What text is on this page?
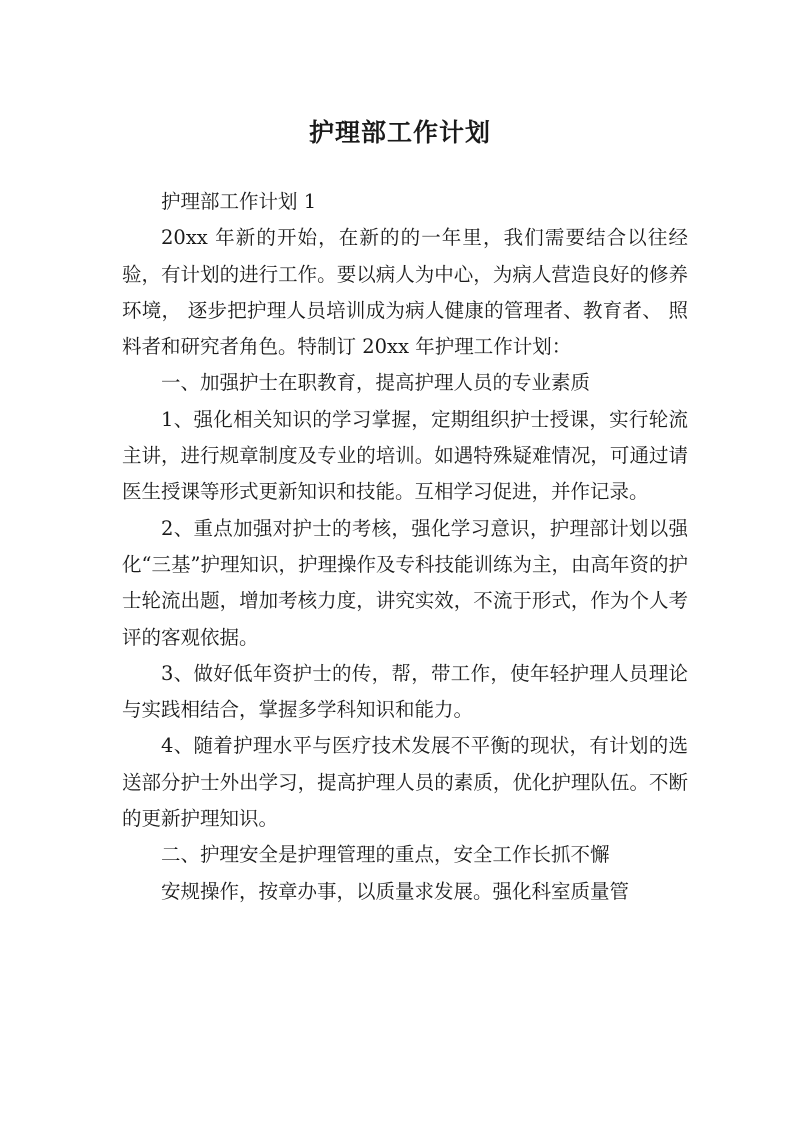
护理部工作计划

护理部工作计划 1

20xx 年新的开始，在新的的一年里，我们需要结合以往经验，有计划的进行工作。要以病人为中心，为病人营造良好的修养环境， 逐步把护理人员培训成为病人健康的管理者、教育者、 照料者和研究者角色。特制订 20xx 年护理工作计划：

一、加强护士在职教育，提高护理人员的专业素质

1、强化相关知识的学习掌握，定期组织护士授课，实行轮流主讲，进行规章制度及专业的培训。如遇特殊疑难情况，可通过请医生授课等形式更新知识和技能。互相学习促进，并作记录。

2、重点加强对护士的考核，强化学习意识，护理部计划以强化“三基”护理知识，护理操作及专科技能训练为主，由高年资的护士轮流出题，增加考核力度，讲究实效，不流于形式，作为个人考评的客观依据。

3、做好低年资护士的传，帮，带工作，使年轻护理人员理论与实践相结合，掌握多学科知识和能力。

4、随着护理水平与医疗技术发展不平衡的现状，有计划的选送部分护士外出学习，提高护理人员的素质，优化护理队伍。不断的更新护理知识。

二、护理安全是护理管理的重点，安全工作长抓不懈

安规操作，按章办事，以质量求发展。强化科室质量管
